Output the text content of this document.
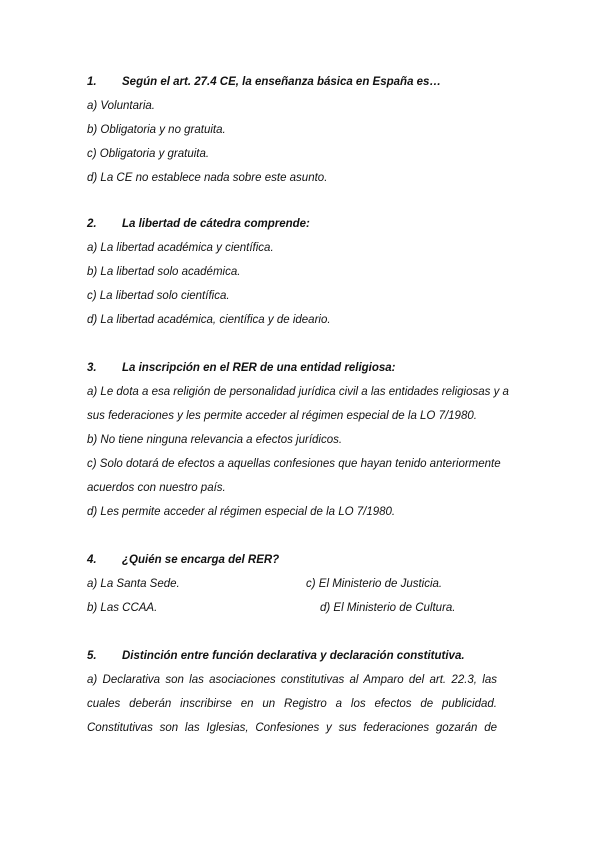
1. Según el art. 27.4 CE, la enseñanza básica en España es…
a) Voluntaria.
b) Obligatoria y no gratuita.
c) Obligatoria y gratuita.
d) La CE no establece nada sobre este asunto.
2. La libertad de cátedra comprende:
a) La libertad académica y científica.
b) La libertad solo académica.
c) La libertad solo científica.
d) La libertad académica, científica y de ideario.
3. La inscripción en el RER de una entidad religiosa:
a) Le dota a esa religión de personalidad jurídica civil a las entidades religiosas y a sus federaciones y les permite acceder al régimen especial de la LO 7/1980.
b) No tiene ninguna relevancia a efectos jurídicos.
c) Solo dotará de efectos a aquellas confesiones que hayan tenido anteriormente acuerdos con nuestro país.
d) Les permite acceder al régimen especial de la LO 7/1980.
4. ¿Quién se encarga del RER?
a) La Santa Sede.	c) El Ministerio de Justicia.
b) Las CCAA.	d) El Ministerio de Cultura.
5. Distinción entre función declarativa y declaración constitutiva.
a) Declarativa son las asociaciones constitutivas al Amparo del art. 22.3, las cuales deberán inscribirse en un Registro a los efectos de publicidad. Constitutivas son las Iglesias, Confesiones y sus federaciones gozarán de
